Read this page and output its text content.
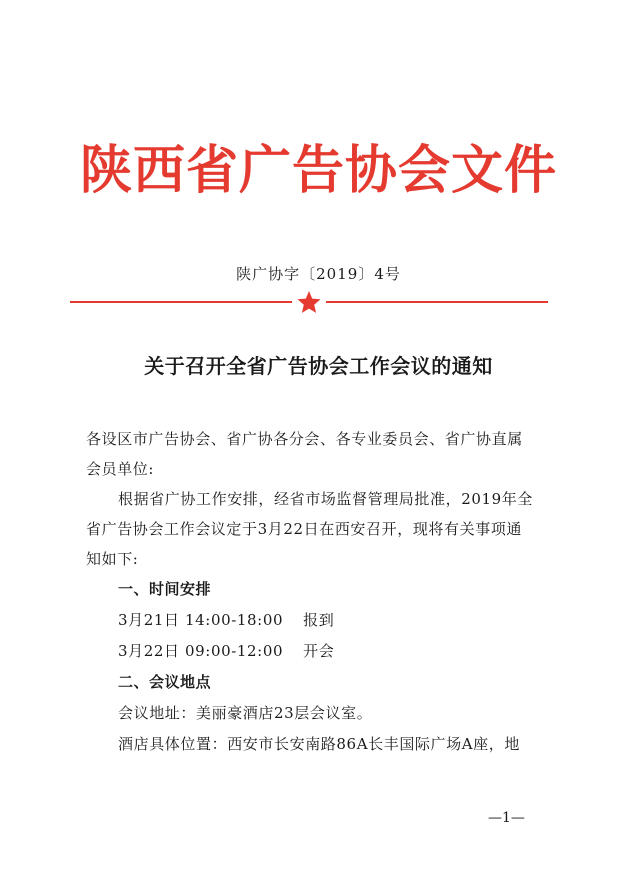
陕西省广告协会文件
陕广协字〔2019〕4号
关于召开全省广告协会工作会议的通知
各设区市广告协会、省广协各分会、各专业委员会、省广协直属
会员单位:
根据省广协工作安排，经省市场监督管理局批准，2019年全
省广告协会工作会议定于3月22日在西安召开，现将有关事项通
知如下:
一、时间安排
3月21日 14:00-18:00 报到
3月22日 09:00-12:00 开会
二、会议地点
会议地址：美丽豪酒店23层会议室。
酒店具体位置：西安市长安南路86A长丰国际广场A座，地
—1—
